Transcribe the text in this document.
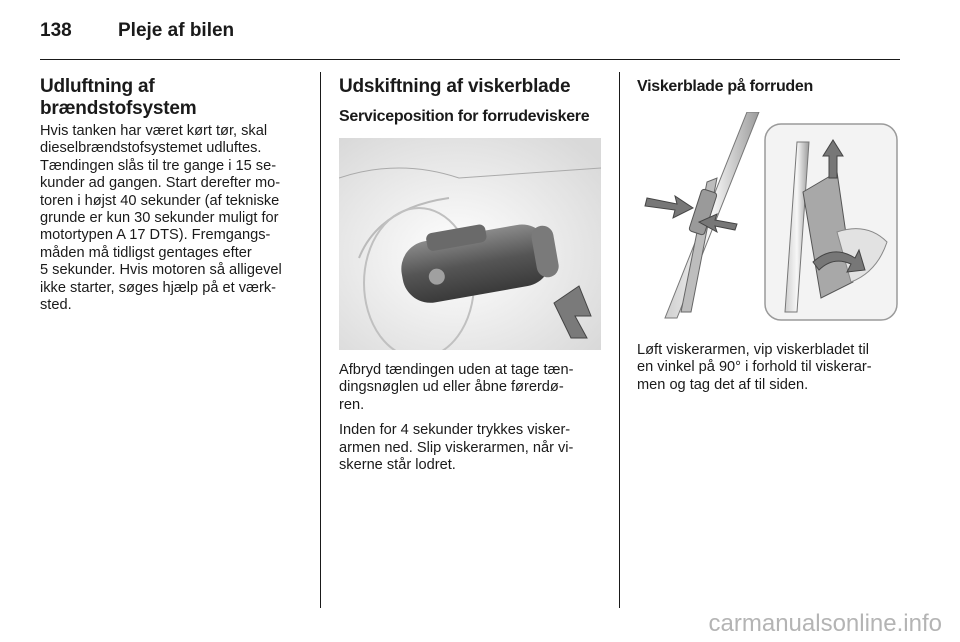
138 Pleje af bilen
Udluftning af
brændstofsystem

Hvis tanken har været kørt tør, skal
dieselbrændstofsystemet udluftes.
Tændingen slås til tre gange i 15 se-
kunder ad gangen. Start derefter mo-
toren i højst 40 sekunder (af tekniske
grunde er kun 30 sekunder muligt for
motortypen A 17 DTS). Fremgangs-
måden må tidligst gentages efter
5 sekunder. Hvis motoren så alligevel
ikke starter, søges hjælp på et værk-
sted.

Udskiftning af viskerblade
Serviceposition for forrudeviskere

Afbryd tændingen uden at tage tæn-
dingsnøglen ud eller åbne førerdø-
ren.

Inden for 4 sekunder trykkes visker-
armen ned. Slip viskerarmen, når vi-
skerne står lodret.

Viskerblade på forruden

Løft viskerarmen, vip viskerbladet til
en vinkel på 90° i forhold til viskerar-
men og tag det af til siden.

carmanualsonline.info
